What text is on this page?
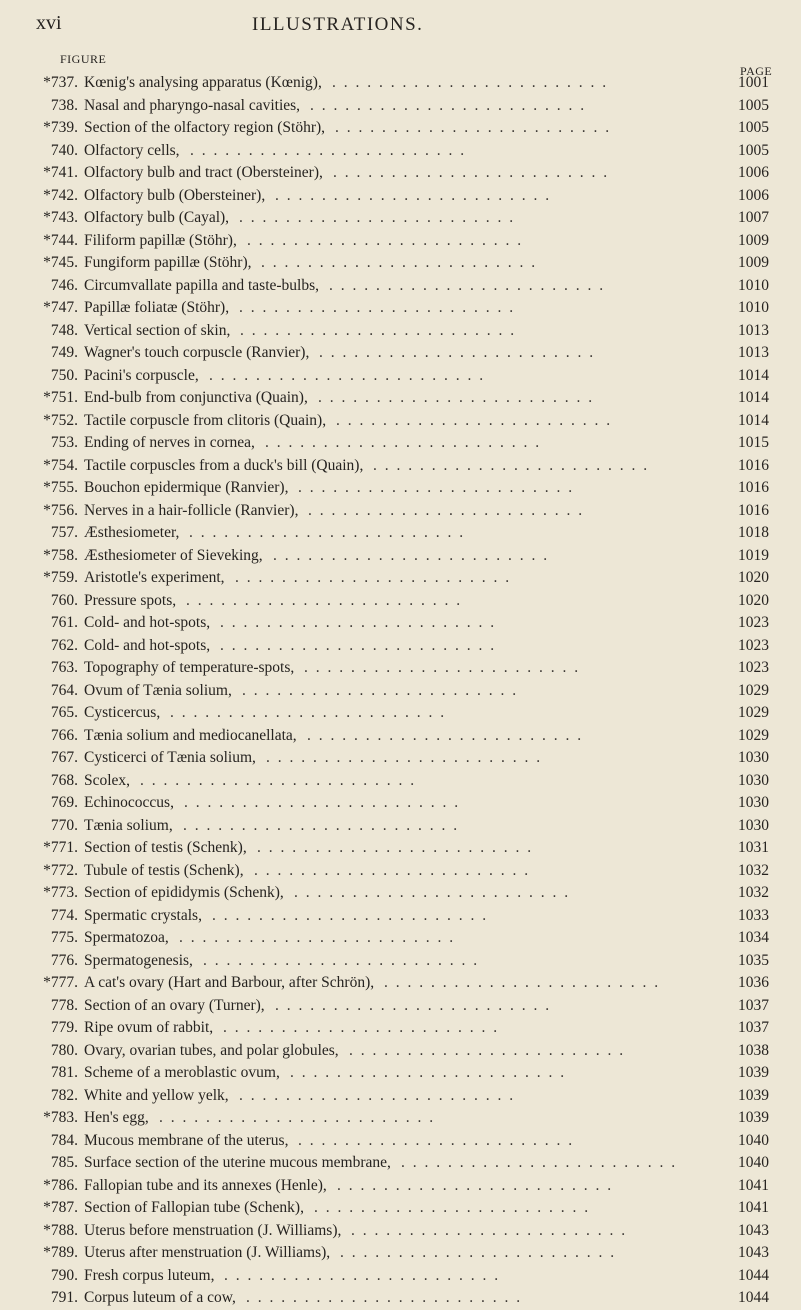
xvi	ILLUSTRATIONS.
FIGURE
PAGE
*737. Kœnig's analysing apparatus (Kœnig),	1001
. . . . . . . . . . . . . . . . . . . . . . . .
738. Nasal and pharyngo-nasal cavities,	1005
. . . . . . . . . . . . . . . . . . . . . . . .
*739. Section of the olfactory region (Stöhr),	1005
. . . . . . . . . . . . . . . . . . . . . . . .
740. Olfactory cells,	1005
. . . . . . . . . . . . . . . . . . . . . . . .
*741. Olfactory bulb and tract (Obersteiner),	1006
. . . . . . . . . . . . . . . . . . . . . . . .
*742. Olfactory bulb (Obersteiner),	1006
. . . . . . . . . . . . . . . . . . . . . . . .
*743. Olfactory bulb (Cayal),	1007
. . . . . . . . . . . . . . . . . . . . . . . .
*744. Filiform papillæ (Stöhr),	1009
. . . . . . . . . . . . . . . . . . . . . . . .
*745. Fungiform papillæ (Stöhr),	1009
. . . . . . . . . . . . . . . . . . . . . . . .
746. Circumvallate papilla and taste-bulbs,	1010
. . . . . . . . . . . . . . . . . . . . . . . .
*747. Papillæ foliatæ (Stöhr),	1010
. . . . . . . . . . . . . . . . . . . . . . . .
748. Vertical section of skin,	1013
. . . . . . . . . . . . . . . . . . . . . . . .
749. Wagner's touch corpuscle (Ranvier),	1013
. . . . . . . . . . . . . . . . . . . . . . . .
750. Pacini's corpuscle,	1014
. . . . . . . . . . . . . . . . . . . . . . . .
*751. End-bulb from conjunctiva (Quain),	1014
. . . . . . . . . . . . . . . . . . . . . . . .
*752. Tactile corpuscle from clitoris (Quain),	1014
. . . . . . . . . . . . . . . . . . . . . . . .
753. Ending of nerves in cornea,	1015
. . . . . . . . . . . . . . . . . . . . . . . .
*754. Tactile corpuscles from a duck's bill (Quain),	1016
. . . . . . . . . . . . . . . . . . . . . . . .
*755. Bouchon epidermique (Ranvier),	1016
. . . . . . . . . . . . . . . . . . . . . . . .
*756. Nerves in a hair-follicle (Ranvier),	1016
. . . . . . . . . . . . . . . . . . . . . . . .
757. Æsthesiometer,	1018
. . . . . . . . . . . . . . . . . . . . . . . .
*758. Æsthesiometer of Sieveking,	1019
. . . . . . . . . . . . . . . . . . . . . . . .
*759. Aristotle's experiment,	1020
. . . . . . . . . . . . . . . . . . . . . . . .
760. Pressure spots,	1020
. . . . . . . . . . . . . . . . . . . . . . . .
761. Cold- and hot-spots,	1023
. . . . . . . . . . . . . . . . . . . . . . . .
762. Cold- and hot-spots,	1023
. . . . . . . . . . . . . . . . . . . . . . . .
763. Topography of temperature-spots,	1023
. . . . . . . . . . . . . . . . . . . . . . . .
764. Ovum of Tænia solium,	1029
. . . . . . . . . . . . . . . . . . . . . . . .
765. Cysticercus,	1029
. . . . . . . . . . . . . . . . . . . . . . . .
766. Tænia solium and mediocanellata,	1029
. . . . . . . . . . . . . . . . . . . . . . . .
767. Cysticerci of Tænia solium,	1030
. . . . . . . . . . . . . . . . . . . . . . . .
768. Scolex,	1030
. . . . . . . . . . . . . . . . . . . . . . . .
769. Echinococcus,	1030
. . . . . . . . . . . . . . . . . . . . . . . .
770. Tænia solium,	1030
. . . . . . . . . . . . . . . . . . . . . . . .
*771. Section of testis (Schenk),	1031
. . . . . . . . . . . . . . . . . . . . . . . .
*772. Tubule of testis (Schenk),	1032
. . . . . . . . . . . . . . . . . . . . . . . .
*773. Section of epididymis (Schenk),	1032
. . . . . . . . . . . . . . . . . . . . . . . .
774. Spermatic crystals,	1033
. . . . . . . . . . . . . . . . . . . . . . . .
775. Spermatozoa,	1034
. . . . . . . . . . . . . . . . . . . . . . . .
776. Spermatogenesis,	1035
. . . . . . . . . . . . . . . . . . . . . . . .
*777. A cat's ovary (Hart and Barbour, after Schrön),	1036
. . . . . . . . . . . . . . . . . . . . . . . .
778. Section of an ovary (Turner),	1037
. . . . . . . . . . . . . . . . . . . . . . . .
779. Ripe ovum of rabbit,	1037
. . . . . . . . . . . . . . . . . . . . . . . .
780. Ovary, ovarian tubes, and polar globules,	1038
. . . . . . . . . . . . . . . . . . . . . . . .
781. Scheme of a meroblastic ovum,	1039
. . . . . . . . . . . . . . . . . . . . . . . .
782. White and yellow yelk,	1039
. . . . . . . . . . . . . . . . . . . . . . . .
*783. Hen's egg,	1039
. . . . . . . . . . . . . . . . . . . . . . . .
784. Mucous membrane of the uterus,	1040
. . . . . . . . . . . . . . . . . . . . . . . .
785. Surface section of the uterine mucous membrane,	1040
. . . . . . . . . . . . . . . . . . . . . . . .
*786. Fallopian tube and its annexes (Henle),	1041
. . . . . . . . . . . . . . . . . . . . . . . .
*787. Section of Fallopian tube (Schenk),	1041
. . . . . . . . . . . . . . . . . . . . . . . .
*788. Uterus before menstruation (J. Williams),	1043
. . . . . . . . . . . . . . . . . . . . . . . .
*789. Uterus after menstruation (J. Williams),	1043
. . . . . . . . . . . . . . . . . . . . . . . .
790. Fresh corpus luteum,	1044
. . . . . . . . . . . . . . . . . . . . . . . .
791. Corpus luteum of a cow,	1044
. . . . . . . . . . . . . . . . . . . . . . . .
